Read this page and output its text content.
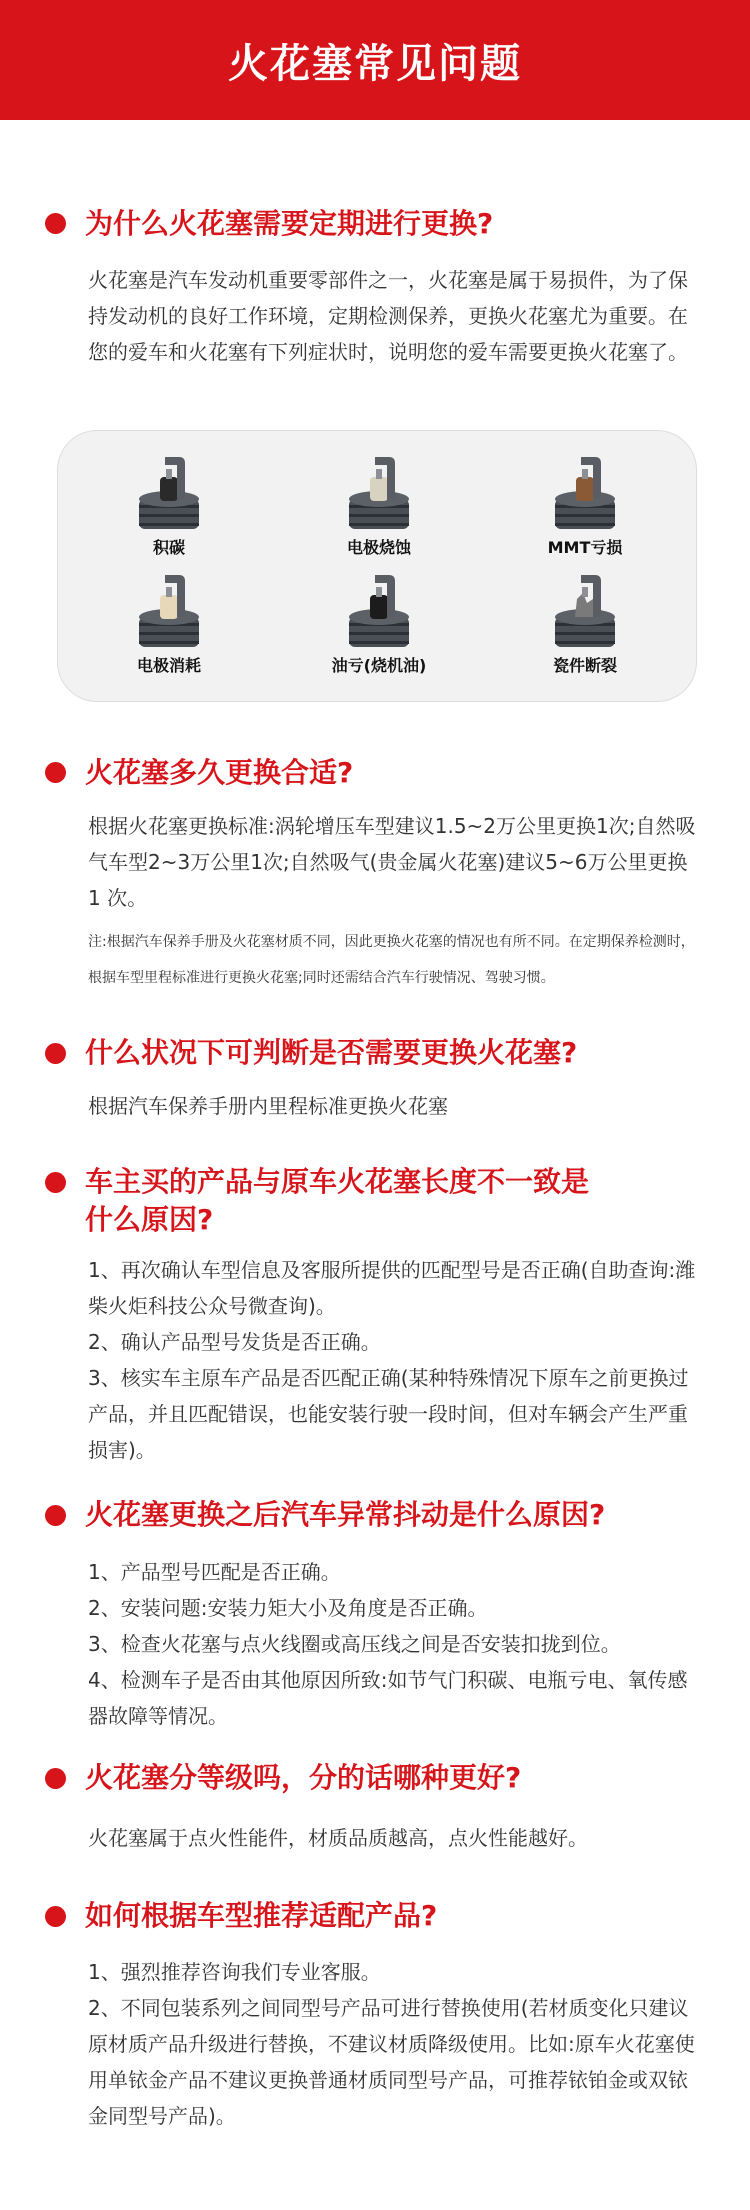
火花塞常见问题
为什么火花塞需要定期进行更换?
火花塞是汽车发动机重要零部件之一，火花塞是属于易损件，为了保持发动机的良好工作环境，定期检测保养，更换火花塞尤为重要。在您的爱车和火花塞有下列症状时，说明您的爱车需要更换火花塞了。
积碳	电极烧蚀	MMT亏损
电极消耗	油亏(烧机油)	瓷件断裂
火花塞多久更换合适?
根据火花塞更换标准:涡轮增压车型建议1.5~2万公里更换1次;自然吸气车型2~3万公里1次;自然吸气(贵金属火花塞)建议5~6万公里更换1 次。
注:根据汽车保养手册及火花塞材质不同，因此更换火花塞的情况也有所不同。在定期保养检测时，根据车型里程标准进行更换火花塞;同时还需结合汽车行驶情况、驾驶习惯。
什么状况下可判断是否需要更换火花塞?
根据汽车保养手册内里程标准更换火花塞
车主买的产品与原车火花塞长度不一致是什么原因?
1、再次确认车型信息及客服所提供的匹配型号是否正确(自助查询:潍柴火炬科技公众号微查询)。
2、确认产品型号发货是否正确。
3、核实车主原车产品是否匹配正确(某种特殊情况下原车之前更换过产品，并且匹配错误，也能安装行驶一段时间，但对车辆会产生严重损害)。
火花塞更换之后汽车异常抖动是什么原因?
1、产品型号匹配是否正确。
2、安装问题:安装力矩大小及角度是否正确。
3、检查火花塞与点火线圈或高压线之间是否安装扣拢到位。
4、检测车子是否由其他原因所致:如节气门积碳、电瓶亏电、氧传感器故障等情况。
火花塞分等级吗，分的话哪种更好?
火花塞属于点火性能件，材质品质越高，点火性能越好。
如何根据车型推荐适配产品?
1、强烈推荐咨询我们专业客服。
2、不同包装系列之间同型号产品可进行替换使用(若材质变化只建议原材质产品升级进行替换，不建议材质降级使用。比如:原车火花塞使用单铱金产品不建议更换普通材质同型号产品，可推荐铱铂金或双铱金同型号产品)。
